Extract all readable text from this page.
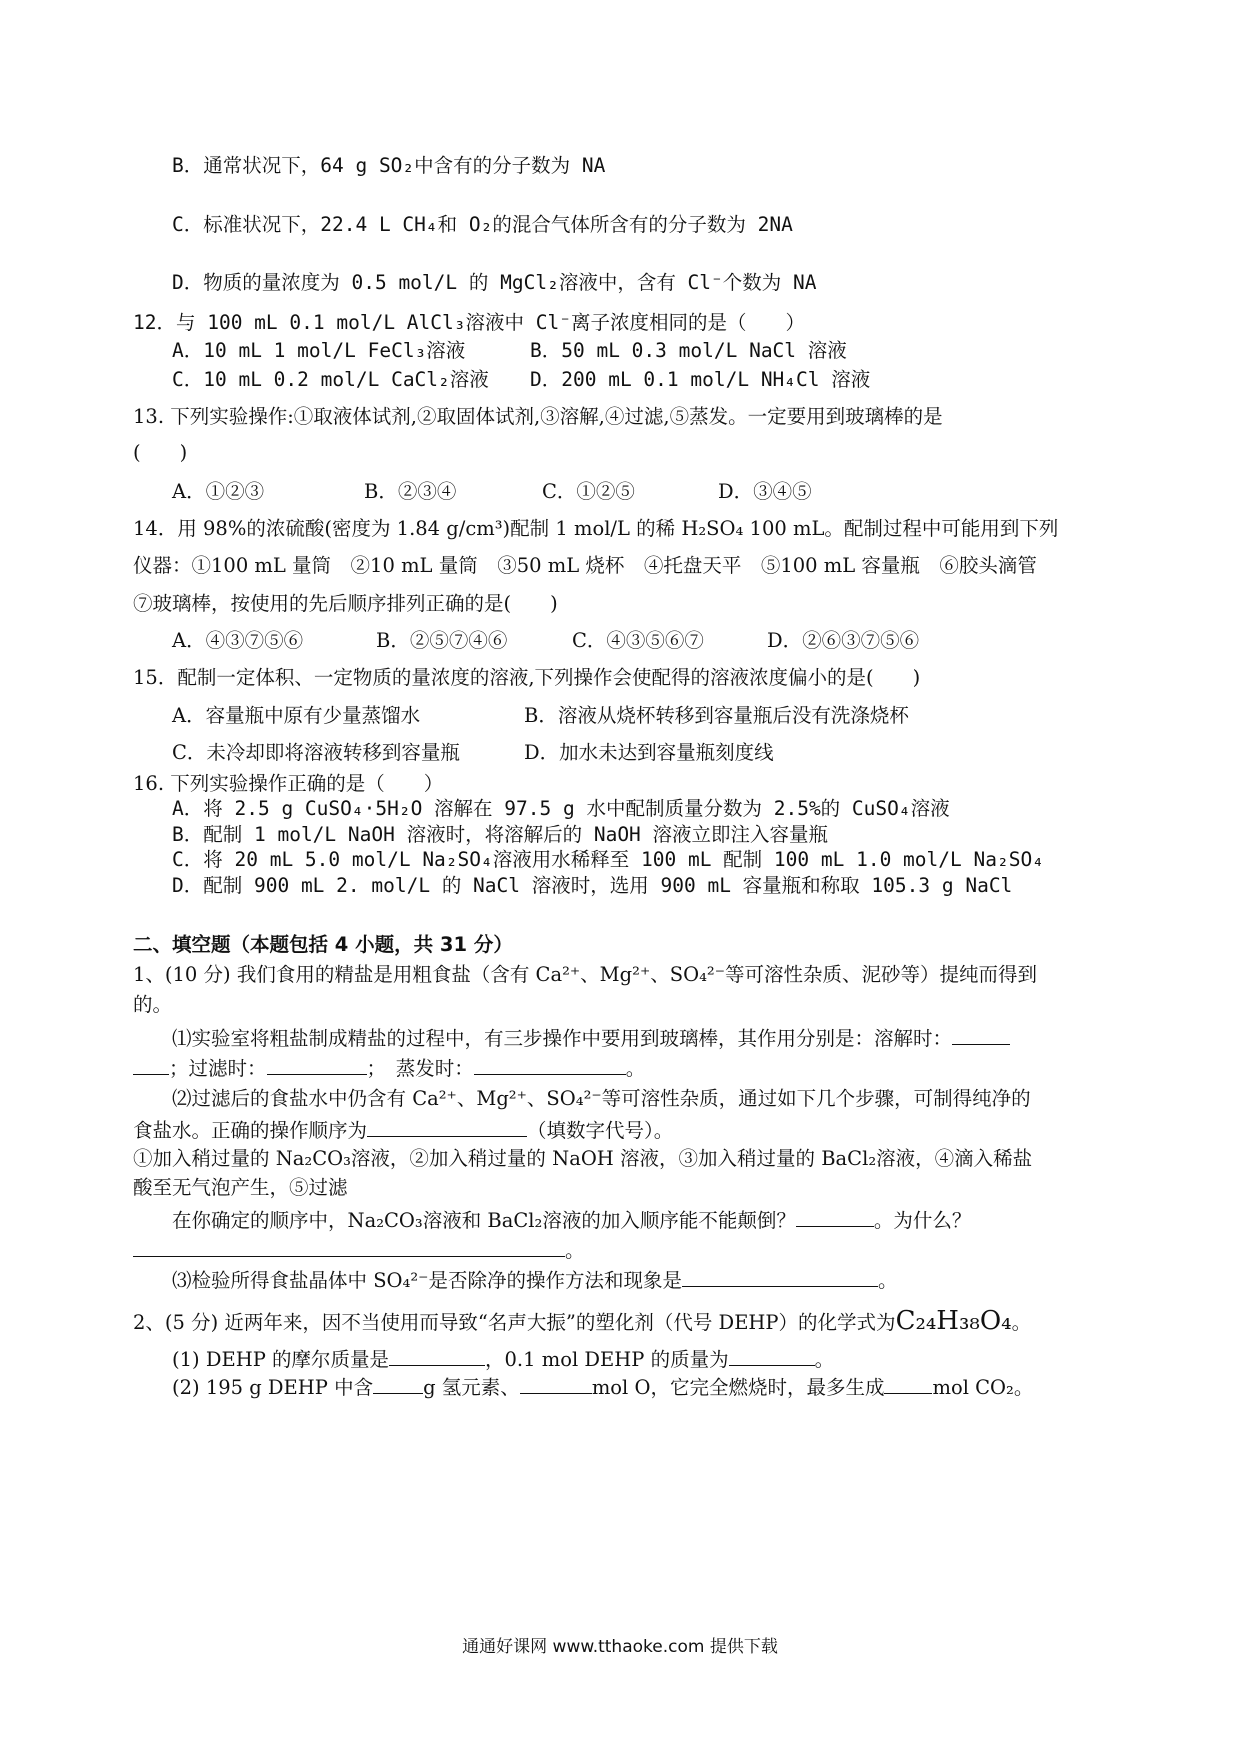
B．通常状况下，64 g SO₂中含有的分子数为 NA
C．标准状况下，22.4 L CH₄和 O₂的混合气体所含有的分子数为 2NA
D．物质的量浓度为 0.5 mol/L 的 MgCl₂溶液中，含有 Cl⁻个数为 NA
12．与 100 mL 0.1 mol/L AlCl₃溶液中 Cl⁻离子浓度相同的是（　　）
A．10 mL 1 mol/L FeCl₃溶液	B．50 mL 0.3 mol/L NaCl 溶液
C．10 mL 0.2 mol/L CaCl₂溶液 D．200 mL 0.1 mol/L NH₄Cl 溶液
13. 下列实验操作:①取液体试剂,②取固体试剂,③溶解,④过滤,⑤蒸发。一定要用到玻璃棒的是
(　　)
A．①②③	B．②③④	C．①②⑤	D．③④⑤
14．用 98%的浓硫酸(密度为 1.84 g/cm³)配制 1 mol/L 的稀 H₂SO₄ 100 mL。配制过程中可能用到下列
仪器：①100 mL 量筒　②10 mL 量筒　③50 mL 烧杯　④托盘天平　⑤100 mL 容量瓶　⑥胶头滴管
⑦玻璃棒，按使用的先后顺序排列正确的是(　　)
A．④③⑦⑤⑥	B．②⑤⑦④⑥	C．④③⑤⑥⑦	D．②⑥③⑦⑤⑥
15．配制一定体积、一定物质的量浓度的溶液,下列操作会使配得的溶液浓度偏小的是(　　)
A．容量瓶中原有少量蒸馏水	B．溶液从烧杯转移到容量瓶后没有洗涤烧杯
C．未冷却即将溶液转移到容量瓶	D．加水未达到容量瓶刻度线
16. 下列实验操作正确的是（　　）
A．将 2.5 g CuSO₄·5H₂O 溶解在 97.5 g 水中配制质量分数为 2.5%的 CuSO₄溶液
B．配制 1 mol/L NaOH 溶液时，将溶解后的 NaOH 溶液立即注入容量瓶
C．将 20 mL 5.0 mol/L Na₂SO₄溶液用水稀释至 100 mL 配制 100 mL 1.0 mol/L Na₂SO₄
D．配制 900 mL 2. mol/L 的 NaCl 溶液时，选用 900 mL 容量瓶和称取 105.3 g NaCl
二、填空题（本题包括 4 小题，共 31 分）
1、(10 分) 我们食用的精盐是用粗食盐（含有 Ca²⁺、Mg²⁺、SO₄²⁻等可溶性杂质、泥砂等）提纯而得到
的。
⑴实验室将粗盐制成精盐的过程中，有三步操作中要用到玻璃棒，其作用分别是：溶解时：
；过滤时：	；　蒸发时：	。
⑵过滤后的食盐水中仍含有 Ca²⁺、Mg²⁺、SO₄²⁻等可溶性杂质，通过如下几个步骤，可制得纯净的
食盐水。正确的操作顺序为	（填数字代号）。
①加入稍过量的 Na₂CO₃溶液，②加入稍过量的 NaOH 溶液，③加入稍过量的 BaCl₂溶液，④滴入稀盐
酸至无气泡产生，⑤过滤
在你确定的顺序中，Na₂CO₃溶液和 BaCl₂溶液的加入顺序能不能颠倒？	。为什么？
。
⑶检验所得食盐晶体中 SO₄²⁻是否除净的操作方法和现象是	。
2、(5 分) 近两年来，因不当使用而导致“名声大振”的塑化剂（代号 DEHP）的化学式为C₂₄H₃₈O₄。
(1) DEHP 的摩尔质量是	，0.1 mol DEHP 的质量为	。
(2) 195 g DEHP 中含	g 氢元素、	mol O，它完全燃烧时，最多生成 mol CO₂。
通通好课网 www.tthaoke.com 提供下载
